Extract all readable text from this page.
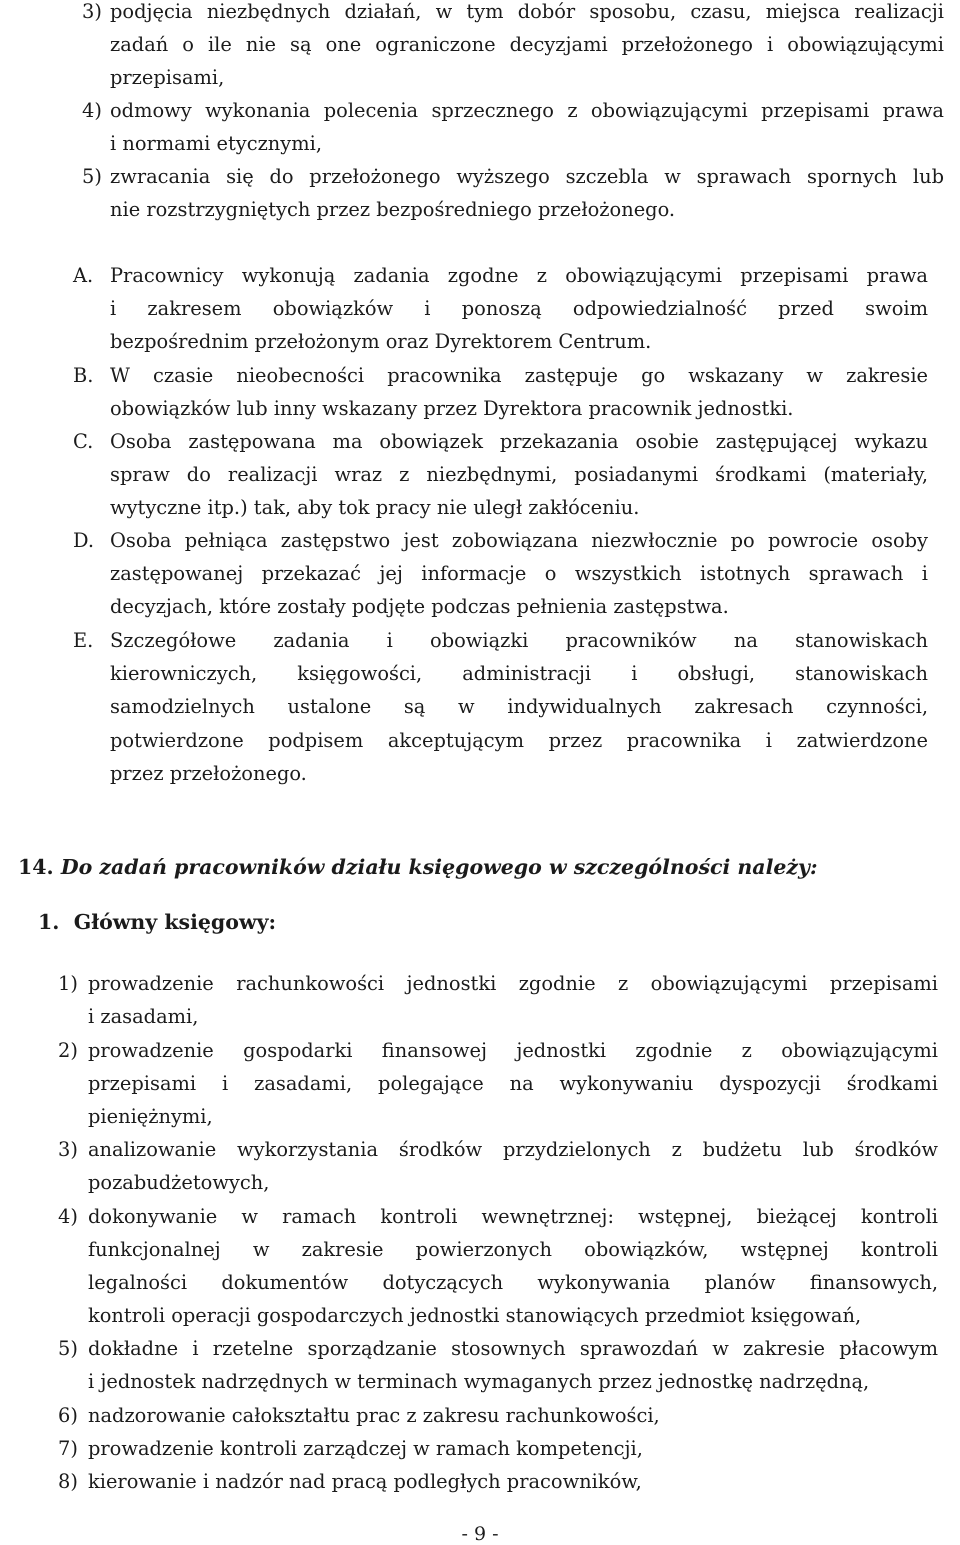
3) podjęcia niezbędnych działań, w tym dobór sposobu, czasu, miejsca realizacji
zadań o ile nie są one ograniczone decyzjami przełożonego i obowiązującymi
przepisami,
4) odmowy wykonania polecenia sprzecznego z obowiązującymi przepisami prawa
i normami etycznymi,
5) zwracania się do przełożonego wyższego szczebla w sprawach spornych lub
nie rozstrzygniętych przez bezpośredniego przełożonego.
A. Pracownicy wykonują zadania zgodne z obowiązującymi przepisami prawa
i zakresem obowiązków i ponoszą odpowiedzialność przed swoim
bezpośrednim przełożonym oraz Dyrektorem Centrum.
B. W czasie nieobecności pracownika zastępuje go wskazany w zakresie
obowiązków lub inny wskazany przez Dyrektora pracownik jednostki.
C. Osoba zastępowana ma obowiązek przekazania osobie zastępującej wykazu
spraw do realizacji wraz z niezbędnymi, posiadanymi środkami (materiały,
wytyczne itp.) tak, aby tok pracy nie uległ zakłóceniu.
D. Osoba pełniąca zastępstwo jest zobowiązana niezwłocznie po powrocie osoby
zastępowanej przekazać jej informacje o wszystkich istotnych sprawach i
decyzjach, które zostały podjęte podczas pełnienia zastępstwa.
E. Szczegółowe zadania i obowiązki pracowników na stanowiskach
kierowniczych, księgowości, administracji i obsługi, stanowiskach
samodzielnych ustalone są w indywidualnych zakresach czynności,
potwierdzone podpisem akceptującym przez pracownika i zatwierdzone
przez przełożonego.
14. Do zadań pracowników działu księgowego w szczególności należy:
1. Główny księgowy:
1) prowadzenie rachunkowości jednostki zgodnie z obowiązującymi przepisami
i zasadami,
2) prowadzenie gospodarki finansowej jednostki zgodnie z obowiązującymi
przepisami i zasadami, polegające na wykonywaniu dyspozycji środkami
pieniężnymi,
3) analizowanie wykorzystania środków przydzielonych z budżetu lub środków
pozabudżetowych,
4) dokonywanie w ramach kontroli wewnętrznej: wstępnej, bieżącej kontroli
funkcjonalnej w zakresie powierzonych obowiązków, wstępnej kontroli
legalności dokumentów dotyczących wykonywania planów finansowych,
kontroli operacji gospodarczych jednostki stanowiących przedmiot księgowań,
5) dokładne i rzetelne sporządzanie stosownych sprawozdań w zakresie płacowym
i jednostek nadrzędnych w terminach wymaganych przez jednostkę nadrzędną,
6) nadzorowanie całokształtu prac z zakresu rachunkowości,
7) prowadzenie kontroli zarządczej w ramach kompetencji,
8) kierowanie i nadzór nad pracą podległych pracowników,
- 9 -
